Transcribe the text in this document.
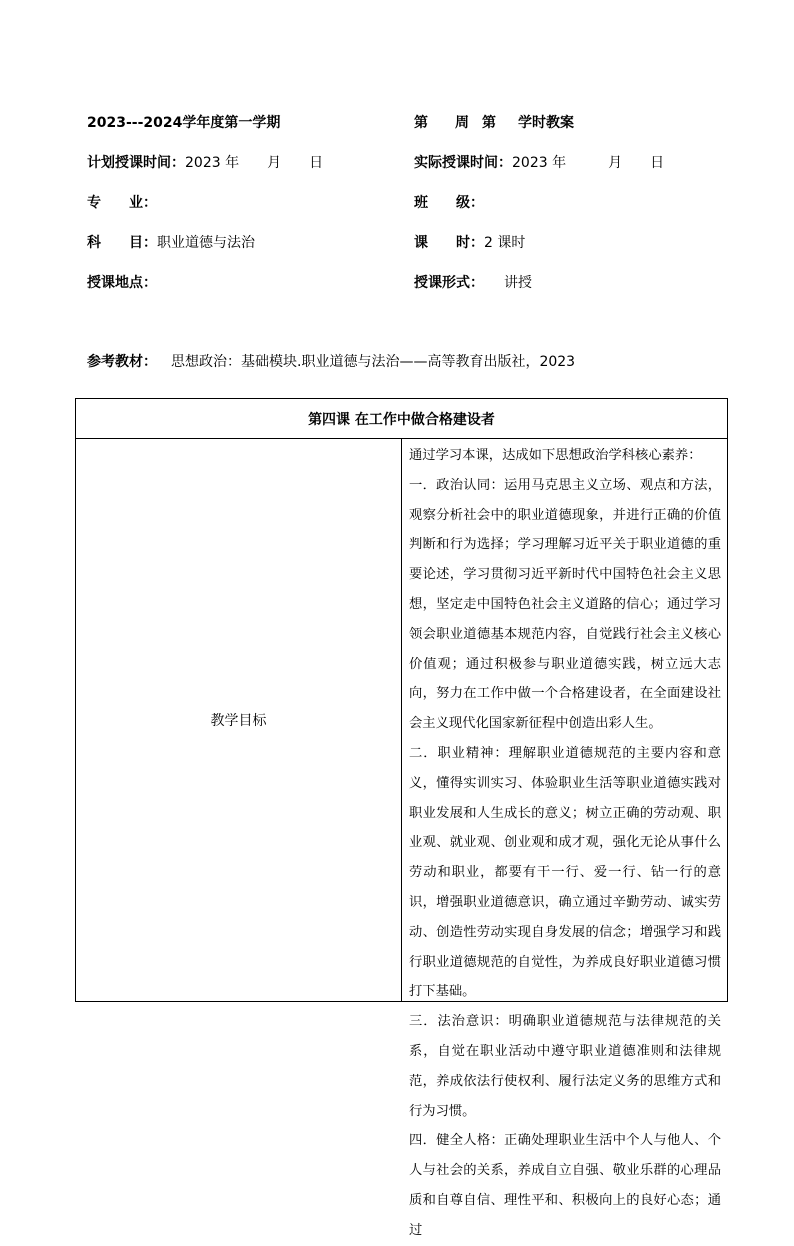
2023---2024学年度第一学期	第 周 第 学时教案
计划授课时间：2023 年　　月　　日	实际授课时间：2023 年　　　月　　日
专　　业：	班　　级：
科　　目：职业道德与法治	课　　时：2 课时
授课地点：	授课形式： 讲授
参考教材： 思想政治：基础模块.职业道德与法治——高等教育出版社，2023
第四课 在工作中做合格建设者
教学目标	

通过学习本课，达成如下思想政治学科核心素养：

一．政治认同：运用马克思主义立场、观点和方法，观察分析社会中的职业道德现象，并进行正确的价值判断和行为选择；学习理解习近平关于职业道德的重要论述，学习贯彻习近平新时代中国特色社会主义思想，坚定走中国特色社会主义道路的信心；通过学习领会职业道德基本规范内容，自觉践行社会主义核心价值观；通过积极参与职业道德实践，树立远大志向，努力在工作中做一个合格建设者，在全面建设社会主义现代化国家新征程中创造出彩人生。

二．职业精神：理解职业道德规范的主要内容和意义，懂得实训实习、体验职业生活等职业道德实践对职业发展和人生成长的意义；树立正确的劳动观、职业观、就业观、创业观和成才观，强化无论从事什么劳动和职业，都要有干一行、爱一行、钻一行的意识，增强职业道德意识，确立通过辛勤劳动、诚实劳动、创造性劳动实现自身发展的信念；增强学习和践行职业道德规范的自觉性，为养成良好职业道德习惯打下基础。

三．法治意识：明确职业道德规范与法律规范的关系，自觉在职业活动中遵守职业道德准则和法律规范，养成依法行使权利、履行法定义务的思维方式和行为习惯。

四．健全人格：正确处理职业生活中个人与他人、个人与社会的关系，养成自立自强、敬业乐群的心理品质和自尊自信、理性平和、积极向上的良好心态；通过
